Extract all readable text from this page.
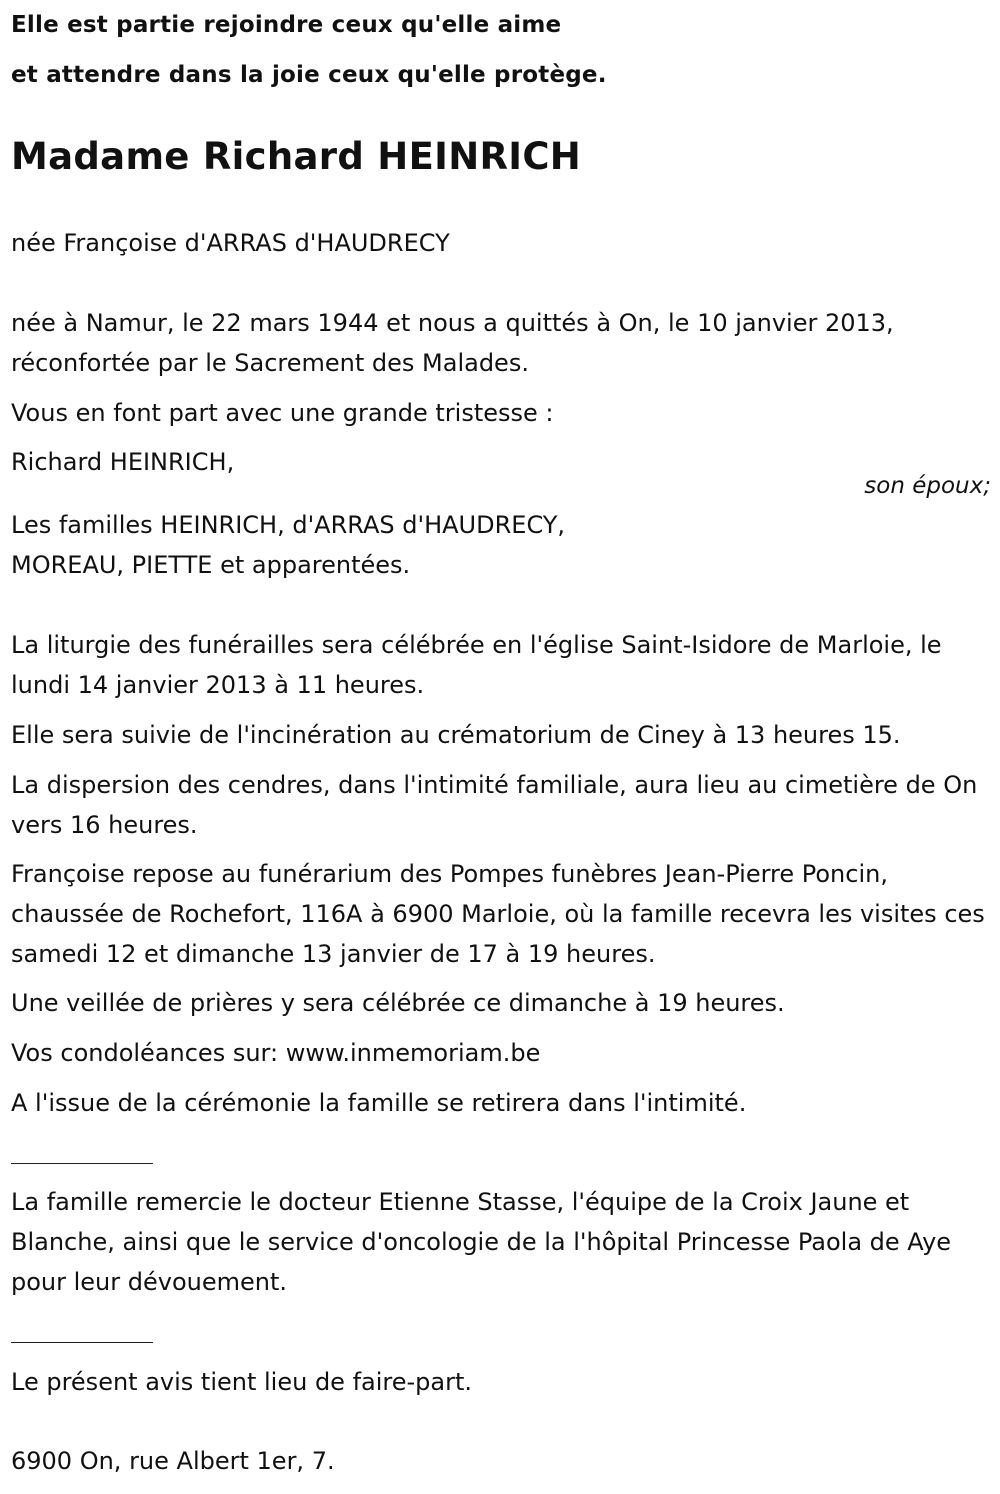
Elle est partie rejoindre ceux qu'elle aime
et attendre dans la joie ceux qu'elle protège.
Madame Richard HEINRICH
née Françoise d'ARRAS d'HAUDRECY
née à Namur, le 22 mars 1944 et nous a quittés à On, le 10 janvier 2013,
réconfortée par le Sacrement des Malades.
Vous en font part avec une grande tristesse :
Richard HEINRICH,
son époux;
Les familles HEINRICH, d'ARRAS d'HAUDRECY,
MOREAU, PIETTE et apparentées.
La liturgie des funérailles sera célébrée en l'église Saint-Isidore de Marloie, le lundi 14 janvier 2013 à 11 heures.
Elle sera suivie de l'incinération au crématorium de Ciney à 13 heures 15.
La dispersion des cendres, dans l'intimité familiale, aura lieu au cimetière de On vers 16 heures.
Françoise repose au funérarium des Pompes funèbres Jean-Pierre Poncin, chaussée de Rochefort, 116A à 6900 Marloie, où la famille recevra les visites ces samedi 12 et dimanche 13 janvier de 17 à 19 heures.
Une veillée de prières y sera célébrée ce dimanche à 19 heures.
Vos condoléances sur: www.inmemoriam.be
A l'issue de la cérémonie la famille se retirera dans l'intimité.
La famille remercie le docteur Etienne Stasse, l'équipe de la Croix Jaune et Blanche, ainsi que le service d'oncologie de la l'hôpital Princesse Paola de Aye pour leur dévouement.
Le présent avis tient lieu de faire-part.
6900 On, rue Albert 1er, 7.
